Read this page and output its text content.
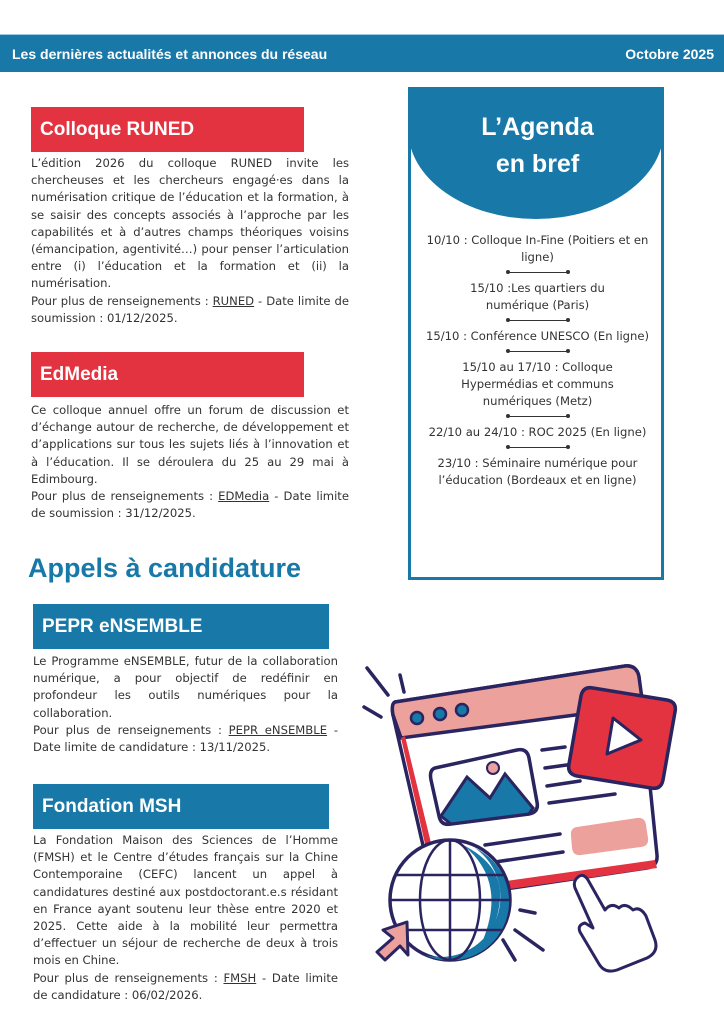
Les dernières actualités et annonces du réseau	Octobre 2025
Colloque RUNED

L’édition 2026 du colloque RUNED invite les chercheuses et les chercheurs engagé·es dans la numérisation critique de l’éducation et la formation, à se saisir des concepts associés à l’approche par les capabilités et à d’autres champs théoriques voisins (émancipation, agentivité…) pour penser l’articulation entre (i) l’éducation et la formation et (ii) la numérisation.

Pour plus de renseignements : RUNED - Date limite de soumission : 01/12/2025.

EdMedia

Ce colloque annuel offre un forum de discussion et d’échange autour de recherche, de développement et d’applications sur tous les sujets liés à l’innovation et à l’éducation. Il se déroulera du 25 au 29 mai à Edimbourg.

Pour plus de renseignements : EDMedia - Date limite de soumission : 31/12/2025.

Appels à candidature
PEPR eNSEMBLE

Le Programme eNSEMBLE, futur de la collaboration numérique, a pour objectif de redéfinir en profondeur les outils numériques pour la collaboration.

Pour plus de renseignements : PEPR eNSEMBLE - Date limite de candidature : 13/11/2025.

Fondation MSH

La Fondation Maison des Sciences de l’Homme (FMSH) et le Centre d’études français sur la Chine Contemporaine (CEFC) lancent un appel à candidatures destiné aux postdoctorant.e.s résidant en France ayant soutenu leur thèse entre 2020 et 2025. Cette aide à la mobilité leur permettra d’effectuer un séjour de recherche de deux à trois mois en Chine.

Pour plus de renseignements : FMSH - Date limite de candidature : 06/02/2026.

L’Agenda
en bref
10/10 : Colloque In-Fine (Poitiers et en ligne)
15/10 :Les quartiers du numérique (Paris)
15/10 : Conférence UNESCO (En ligne)
15/10 au 17/10 : Colloque Hypermédias et communs numériques (Metz)
22/10 au 24/10 : ROC 2025 (En ligne)
23/10 : Séminaire numérique pour l’éducation (Bordeaux et en ligne)
